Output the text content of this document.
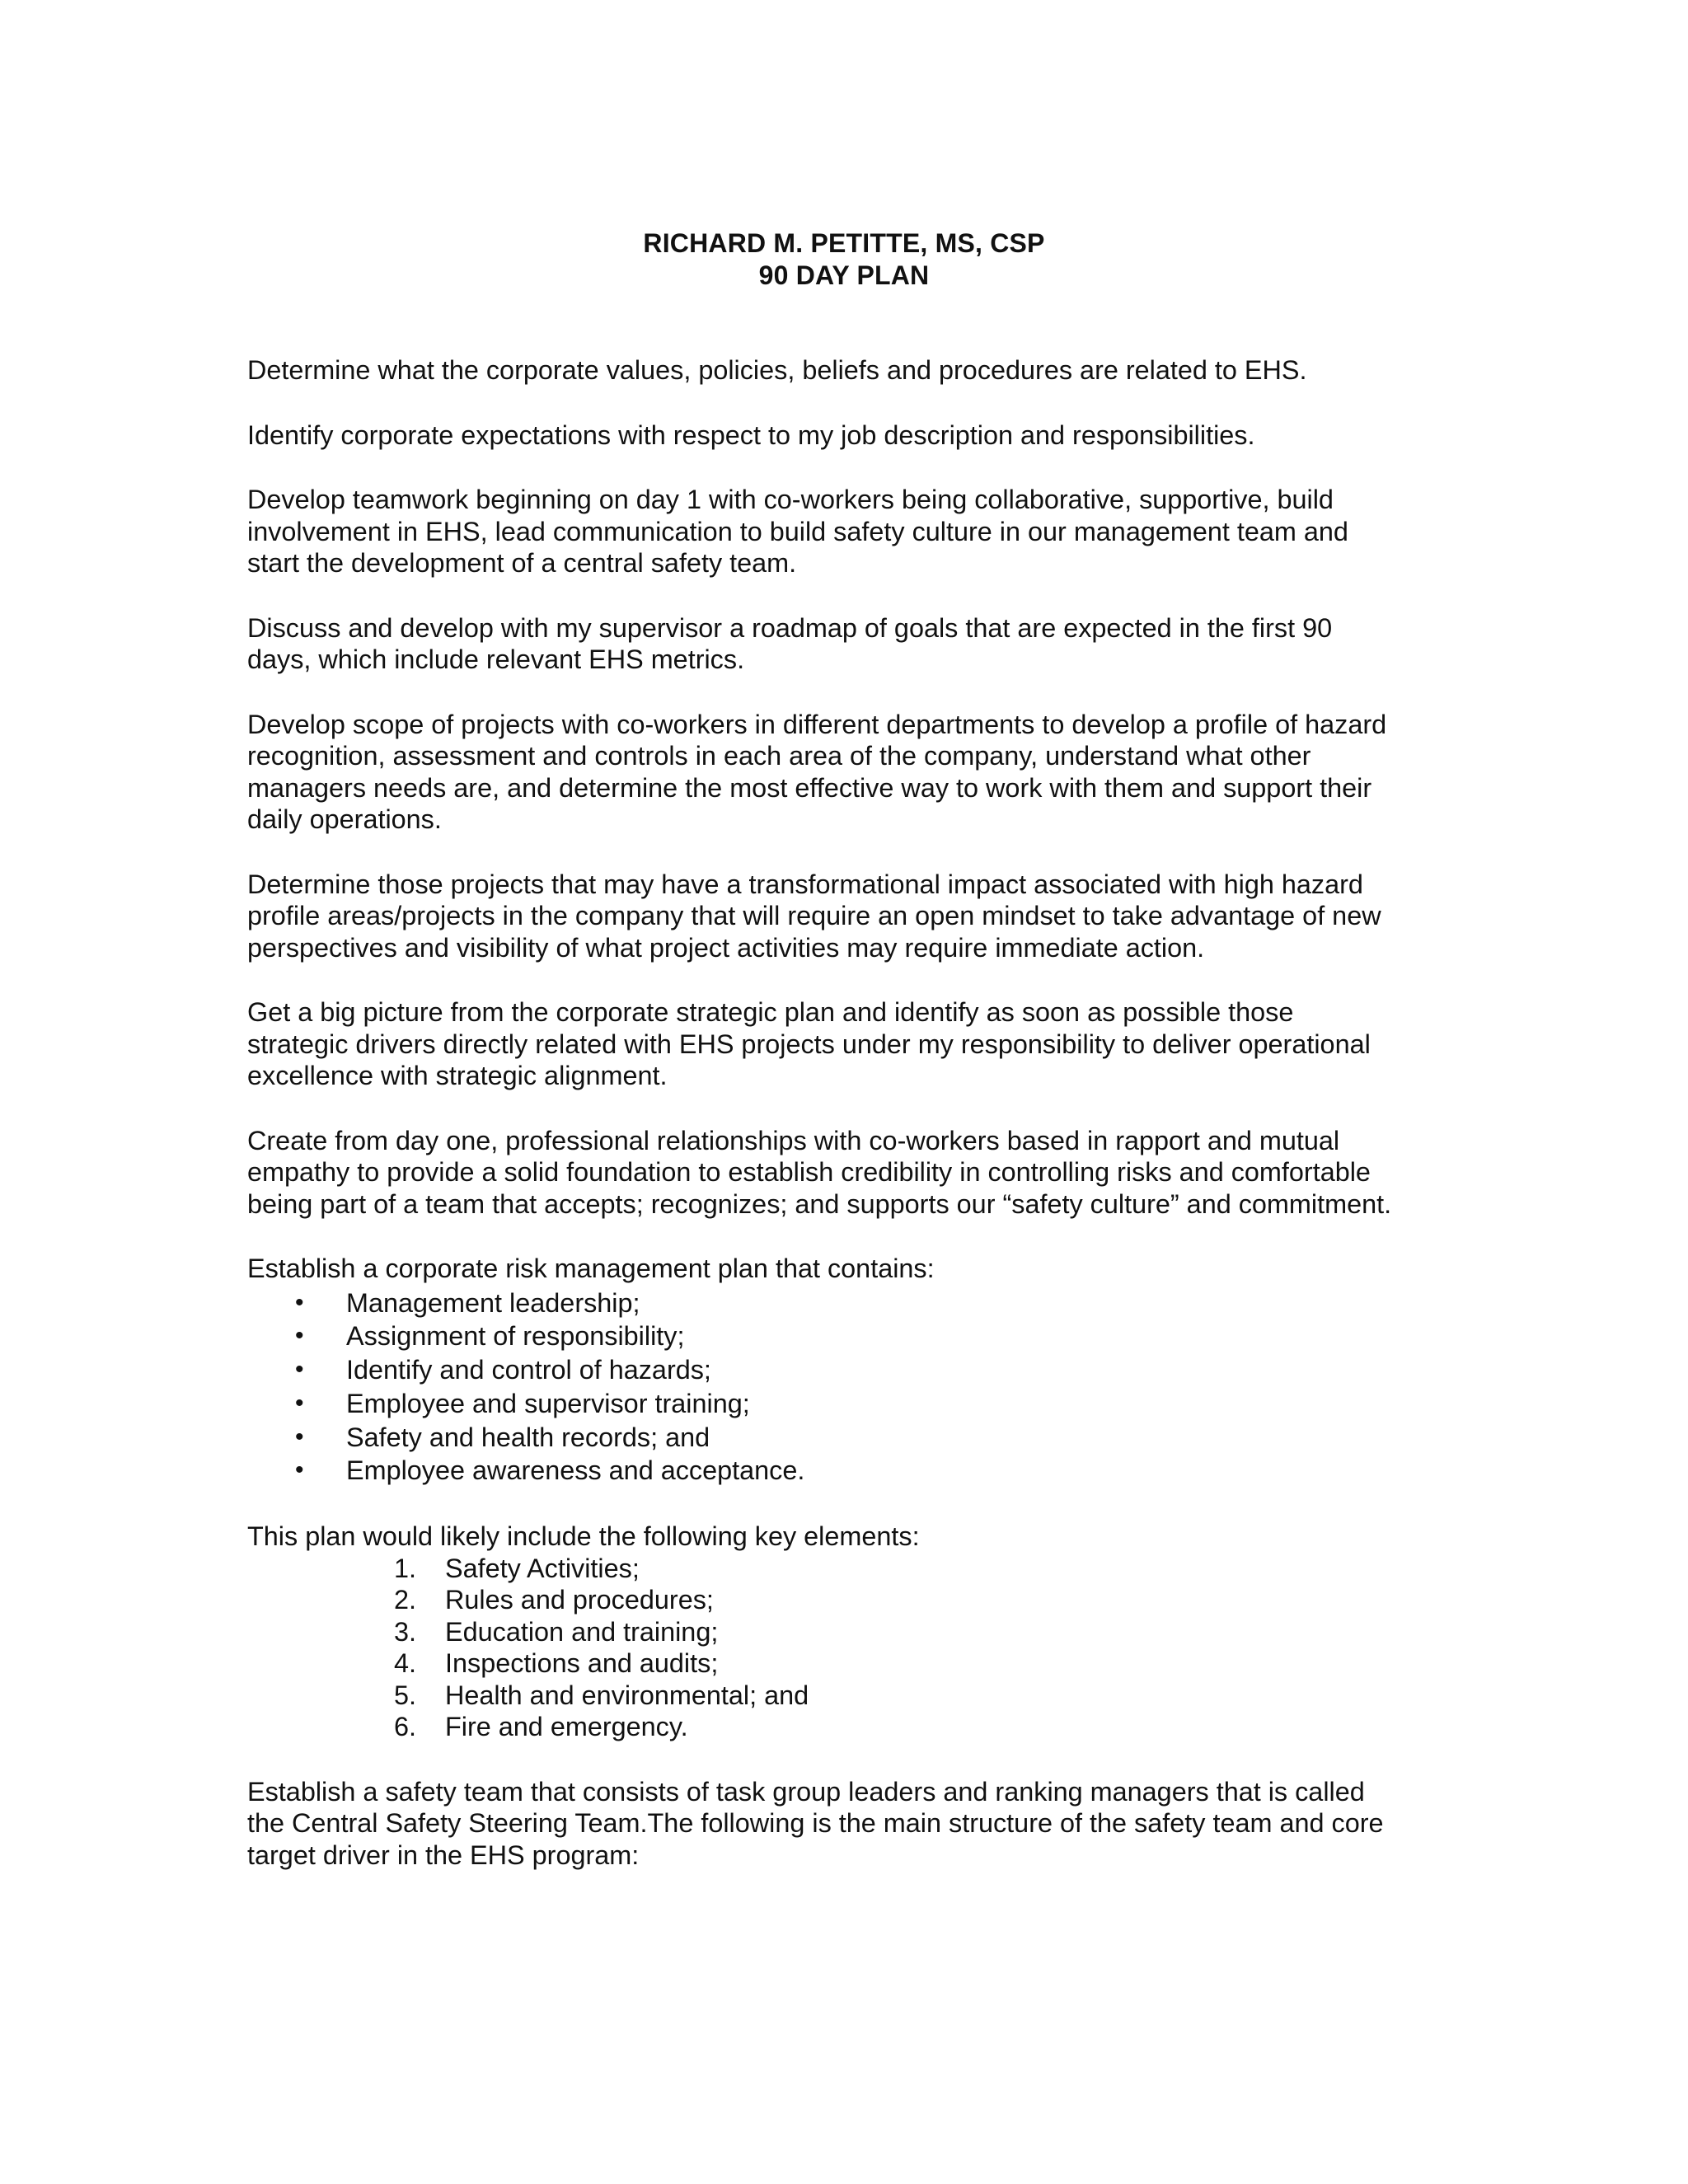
RICHARD M. PETITTE, MS, CSP
90 DAY PLAN

Determine what the corporate values, policies, beliefs and procedures are related to EHS.

Identify corporate expectations with respect to my job description and responsibilities.

Develop teamwork beginning on day 1 with co-workers being collaborative, supportive, build
involvement in EHS, lead communication to build safety culture in our management team and
start the development of a central safety team.

Discuss and develop with my supervisor a roadmap of goals that are expected in the first 90
days, which include relevant EHS metrics.

Develop scope of projects with co-workers in different departments to develop a profile of hazard
recognition, assessment and controls in each area of the company, understand what other
managers needs are, and determine the most effective way to work with them and support their
daily operations.

Determine those projects that may have a transformational impact associated with high hazard
profile areas/projects in the company that will require an open mindset to take advantage of new
perspectives and visibility of what project activities may require immediate action.

Get a big picture from the corporate strategic plan and identify as soon as possible those
strategic drivers directly related with EHS projects under my responsibility to deliver operational
excellence with strategic alignment.

Create from day one, professional relationships with co-workers based in rapport and mutual
empathy to provide a solid foundation to establish credibility in controlling risks and comfortable
being part of a team that accepts; recognizes; and supports our “safety culture” and commitment.

Establish a corporate risk management plan that contains:

• Management leadership;
• Assignment of responsibility;
• Identify and control of hazards;
• Employee and supervisor training;
• Safety and health records; and
• Employee awareness and acceptance.

This plan would likely include the following key elements:

1. Safety Activities;
2. Rules and procedures;
3. Education and training;
4. Inspections and audits;
5. Health and environmental; and
6. Fire and emergency.

Establish a safety team that consists of task group leaders and ranking managers that is called
the Central Safety Steering Team.The following is the main structure of the safety team and core
target driver in the EHS program:
